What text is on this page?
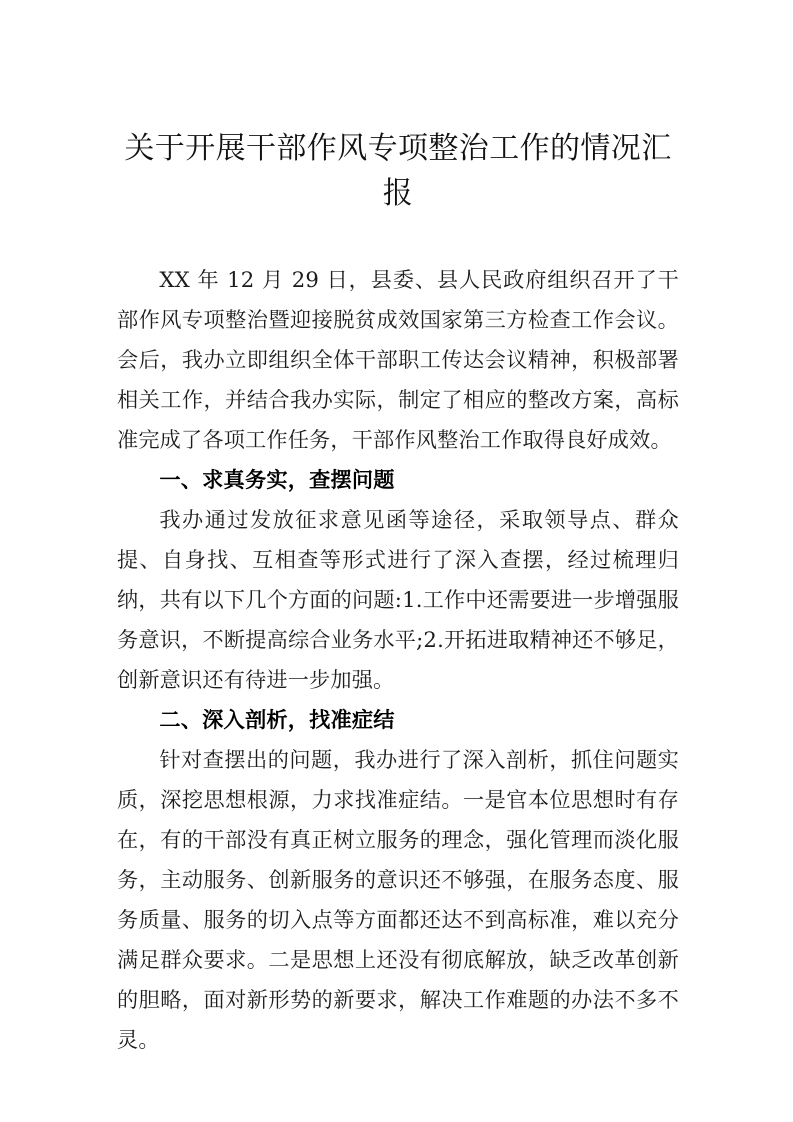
关于开展干部作风专项整治工作的情况汇报

XX 年 12 月 29 日，县委、县人民政府组织召开了干部作风专项整治暨迎接脱贫成效国家第三方检查工作会议。会后，我办立即组织全体干部职工传达会议精神，积极部署相关工作，并结合我办实际，制定了相应的整改方案，高标准完成了各项工作任务，干部作风整治工作取得良好成效。

一、求真务实，查摆问题

我办通过发放征求意见函等途径，采取领导点、群众提、自身找、互相查等形式进行了深入查摆，经过梳理归纳，共有以下几个方面的问题:1.工作中还需要进一步增强服务意识，不断提高综合业务水平;2.开拓进取精神还不够足，创新意识还有待进一步加强。

二、深入剖析，找准症结

针对查摆出的问题，我办进行了深入剖析，抓住问题实质，深挖思想根源，力求找准症结。一是官本位思想时有存在，有的干部没有真正树立服务的理念，强化管理而淡化服务，主动服务、创新服务的意识还不够强，在服务态度、服务质量、服务的切入点等方面都还达不到高标准，难以充分满足群众要求。二是思想上还没有彻底解放，缺乏改革创新的胆略，面对新形势的新要求，解决工作难题的办法不多不灵。
